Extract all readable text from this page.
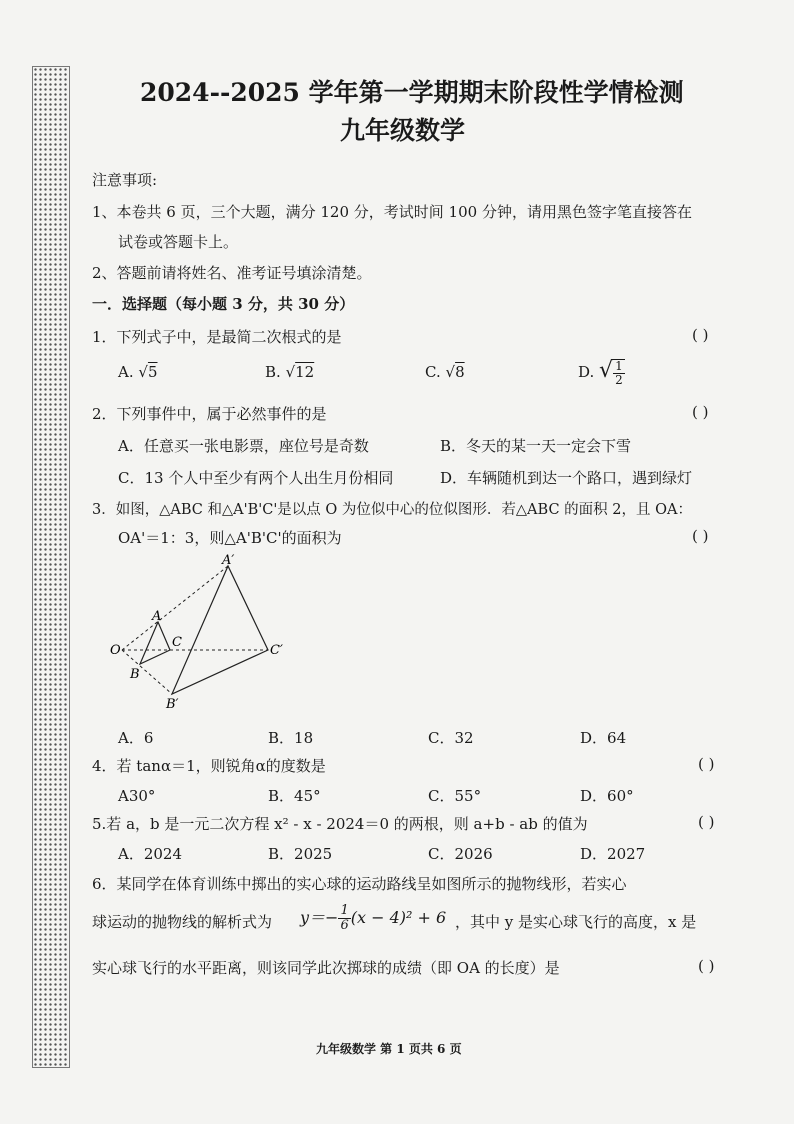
2024--2025 学年第一学期期末阶段性学情检测
九年级数学
注意事项:
1、本卷共 6 页，三个大题，满分 120 分，考试时间 100 分钟，请用黑色签字笔直接答在
试卷或答题卡上。
2、答题前请将姓名、准考证号填涂清楚。
一．选择题（每小题 3 分，共 30 分）
1．下列式子中，是最简二次根式的是	( )
A. √5	B. √12	C. √8	D. √ $\frac{1}{2}$
2．下列事件中，属于必然事件的是	( )
A．任意买一张电影票，座位号是奇数	B．冬天的某一天一定会下雪
C．13 个人中至少有两个人出生月份相同	D．车辆随机到达一个路口，遇到绿灯
3．如图，△ABC 和△A'B'C'是以点 O 为位似中心的位似图形．若△ABC 的面积 2，且 OA：
OA'＝1：3，则△A'B'C'的面积为	( )
O
A
B
C
A′
B′
C′
A．6	B．18	C．32	D．64
4．若 tanα＝1，则锐角α的度数是	( )
A30°	B．45°	C．55°	D．60°
5.若 a，b 是一元二次方程 x² - x - 2024＝0 的两根，则 a+b - ab 的值为	( )
A．2024	B．2025	C．2026	D．2027
6．某同学在体育训练中掷出的实心球的运动路线呈如图所示的抛物线形，若实心
球运动的抛物线的解析式为 $y=- \frac{1}{6} (x - 4)^2 + 6$ ，其中 y 是实心球飞行的高度，x 是
实心球飞行的水平距离，则该同学此次掷球的成绩（即 OA 的长度）是	( )
九年级数学 第 1 页共 6 页
